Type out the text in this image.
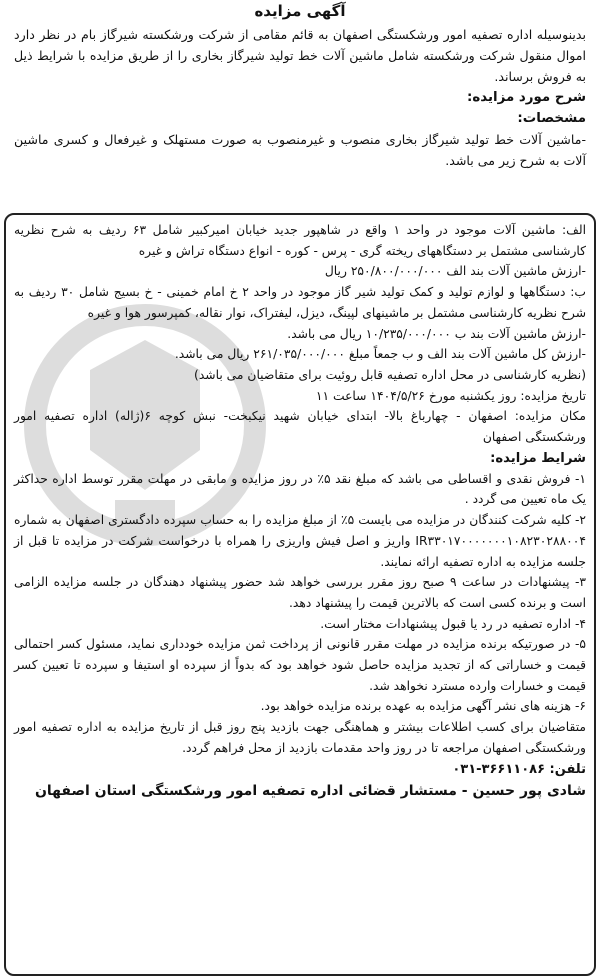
آگهی مزایده

بدینوسیله اداره تصفیه امور ورشکستگی اصفهان به قائم مقامی از شرکت ورشکسته شیرگاز بام در نظر دارد اموال منقول شرکت ورشکسته شامل ماشین آلات خط تولید شیرگاز بخاری را از طریق مزایده با شرایط ذیل به فروش برساند.

شرح مورد مزایده:

مشخصات:

-ماشین آلات خط تولید شیرگاز بخاری منصوب و غیرمنصوب به صورت مستهلک و غیرفعال و کسری ماشین آلات به شرح زیر می باشد.

الف: ماشین آلات موجود در واحد ۱ واقع در شاهپور جدید خیابان امیرکبیر شامل ۶۳ ردیف به شرح نظریه کارشناسی مشتمل بر دستگاههای ریخته گری - پرس - کوره - انواع دستگاه تراش و غیره

-ارزش ماشین آلات بند الف ۲۵۰/۸۰۰/۰۰۰/۰۰۰ ریال

ب: دستگاهها و لوازم تولید و کمک تولید شیر گاز موجود در واحد ۲ خ امام خمینی - خ بسیج شامل ۳۰ ردیف به شرح نظریه کارشناسی مشتمل بر ماشینهای لپینگ، دیزل، لیفتراک، نوار نقاله، کمپرسور هوا و غیره

-ارزش ماشین آلات بند ب ۱۰/۲۳۵/۰۰۰/۰۰۰ ریال می باشد.

-ارزش کل ماشین آلات بند الف و ب جمعاً مبلغ ۲۶۱/۰۳۵/۰۰۰/۰۰۰ ریال می باشد.

(نظریه کارشناسی در محل اداره تصفیه قابل روئیت برای متقاضیان می باشد)

تاریخ مزایده: روز یکشنبه مورخ ۱۴۰۴/۵/۲۶ ساعت ۱۱

مکان مزایده: اصفهان - چهارباغ بالا- ابتدای خیابان شهید نیکبخت- نبش کوچه ۶(ژاله) اداره تصفیه امور ورشکستگی اصفهان

شرایط مزایده:

۱- فروش نقدی و اقساطی می باشد که مبلغ نقد ۵٪ در روز مزایده و مابقی در مهلت مقرر توسط اداره حداکثر یک ماه تعیین می گردد .

۲- کلیه شرکت کنندگان در مزایده می بایست ۵٪ از مبلغ مزایده را به حساب سپرده دادگستری اصفهان به شماره IR۳۳۰۱۷۰۰۰۰۰۰۰۱۰۸۲۳۰۲۸۸۰۰۴ واریز و اصل فیش واریزی را همراه با درخواست شرکت در مزایده تا قبل از جلسه مزایده به اداره تصفیه ارائه نمایند.

۳- پیشنهادات در ساعت ۹ صبح روز مقرر بررسی خواهد شد حضور پیشنهاد دهندگان در جلسه مزایده الزامی است و برنده کسی است که بالاترین قیمت را پیشنهاد دهد.

۴- اداره تصفیه در رد یا قبول پیشنهادات مختار است.

۵- در صورتیکه برنده مزایده در مهلت مقرر قانونی از پرداخت ثمن مزایده خودداری نماید، مسئول کسر احتمالی قیمت و خساراتی که از تجدید مزایده حاصل شود خواهد بود که بدواً از سپرده او استیفا و سپرده تا تعیین کسر قیمت و خسارات وارده مسترد نخواهد شد.

۶- هزینه های نشر آگهی مزایده به عهده برنده مزایده خواهد بود.

متقاضیان برای کسب اطلاعات بیشتر و هماهنگی جهت بازدید پنج روز قبل از تاریخ مزایده به اداره تصفیه امور ورشکستگی اصفهان مراجعه تا در روز واحد مقدمات بازدید از محل فراهم گردد.

تلفن: ۰۳۱-۳۶۶۱۱۰۸۶

شادی پور حسین - مستشار قضائی اداره تصفیه امور ورشکستگی استان اصفهان
